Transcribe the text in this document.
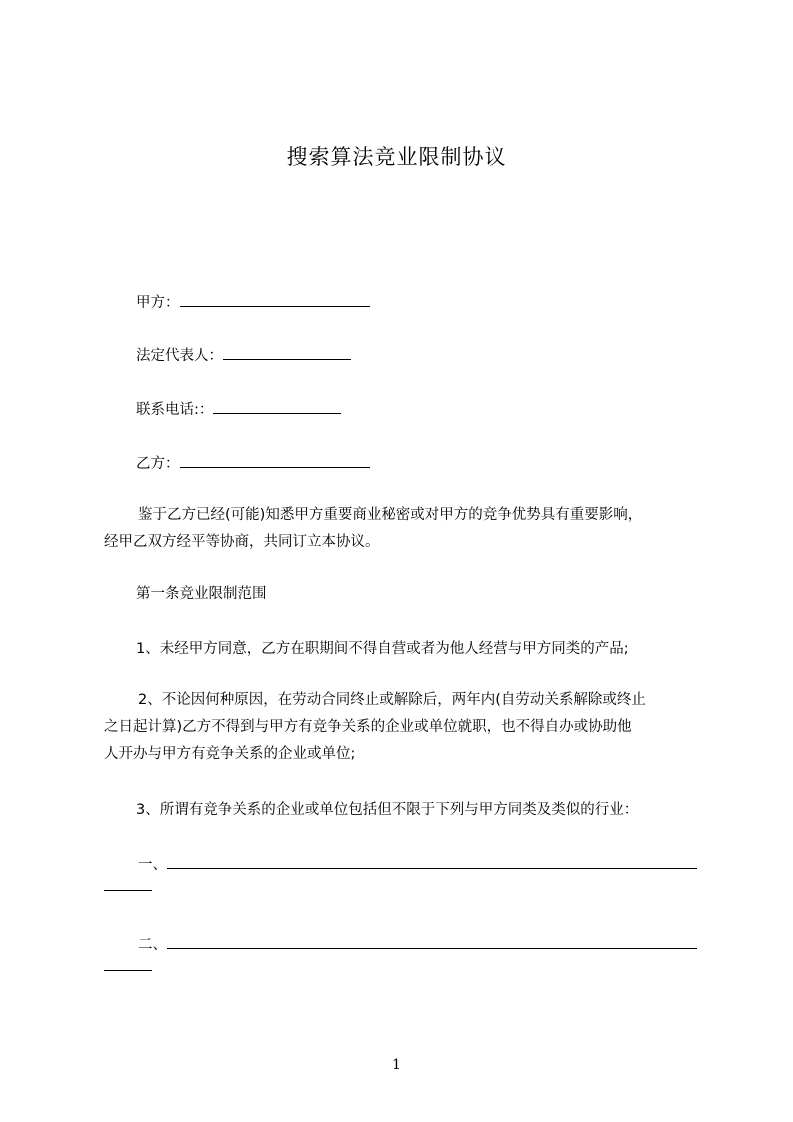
搜索算法竞业限制协议
甲方：
法定代表人：
联系电话:：
乙方：
鉴于乙方已经(可能)知悉甲方重要商业秘密或对甲方的竞争优势具有重要影响，
经甲乙双方经平等协商，共同订立本协议。
第一条竞业限制范围
1、未经甲方同意，乙方在职期间不得自营或者为他人经营与甲方同类的产品;
2、不论因何种原因，在劳动合同终止或解除后，两年内(自劳动关系解除或终止
之日起计算)乙方不得到与甲方有竞争关系的企业或单位就职，也不得自办或协助他
人开办与甲方有竞争关系的企业或单位;
3、所谓有竞争关系的企业或单位包括但不限于下列与甲方同类及类似的行业：
一、
二、
1
